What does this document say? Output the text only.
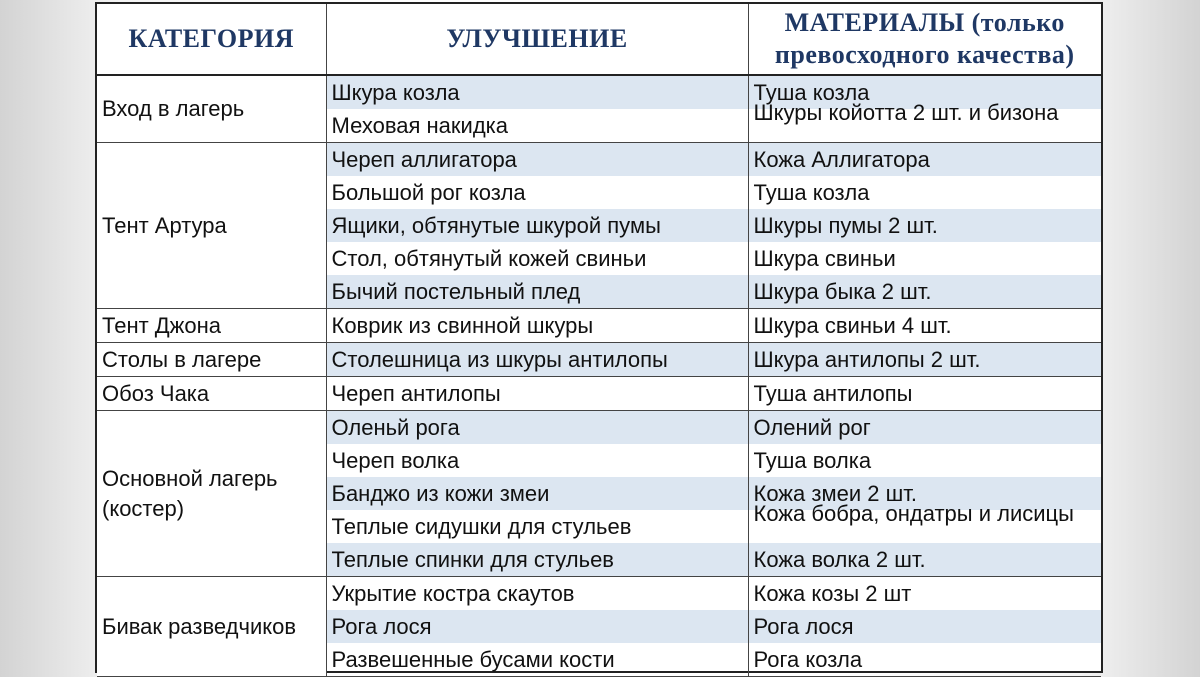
КАТЕГОРИЯ	УЛУЧШЕНИЕ	МАТЕРИАЛЫ (только превосходного качества)
Вход в лагерь	Шкура козла	Туша козла
	Меховая накидка	Шкуры койотта 2 шт. и бизона

Тент Артура	Череп аллигатора	Кожа Аллигатора
	Большой рог козла	Туша козла
	Ящики, обтянутые шкурой пумы	Шкуры пумы 2 шт.
	Стол, обтянутый кожей свиньи	Шкура свиньи
	Бычий постельный плед	Шкура быка 2 шт.
Тент Джона	Коврик из свинной шкуры	Шкура свиньи 4 шт.
Столы в лагере	Столешница из шкуры антилопы	Шкура антилопы 2 шт.
Обоз Чака	Череп антилопы	Туша антилопы
Основной лагерь (костер)	Оленьй рога	Олений рог
	Череп волка	Туша волка
	Банджо из кожи змеи	Кожа змеи 2 шт.
	Теплые сидушки для стульев	Кожа бобра, ондатры и лисицы

	Теплые спинки для стульев	Кожа волка 2 шт.
Бивак разведчиков	Укрытие костра скаутов	Кожа козы 2 шт
	Рога лося	Рога лося
	Развешенные бусами кости	Рога козла
